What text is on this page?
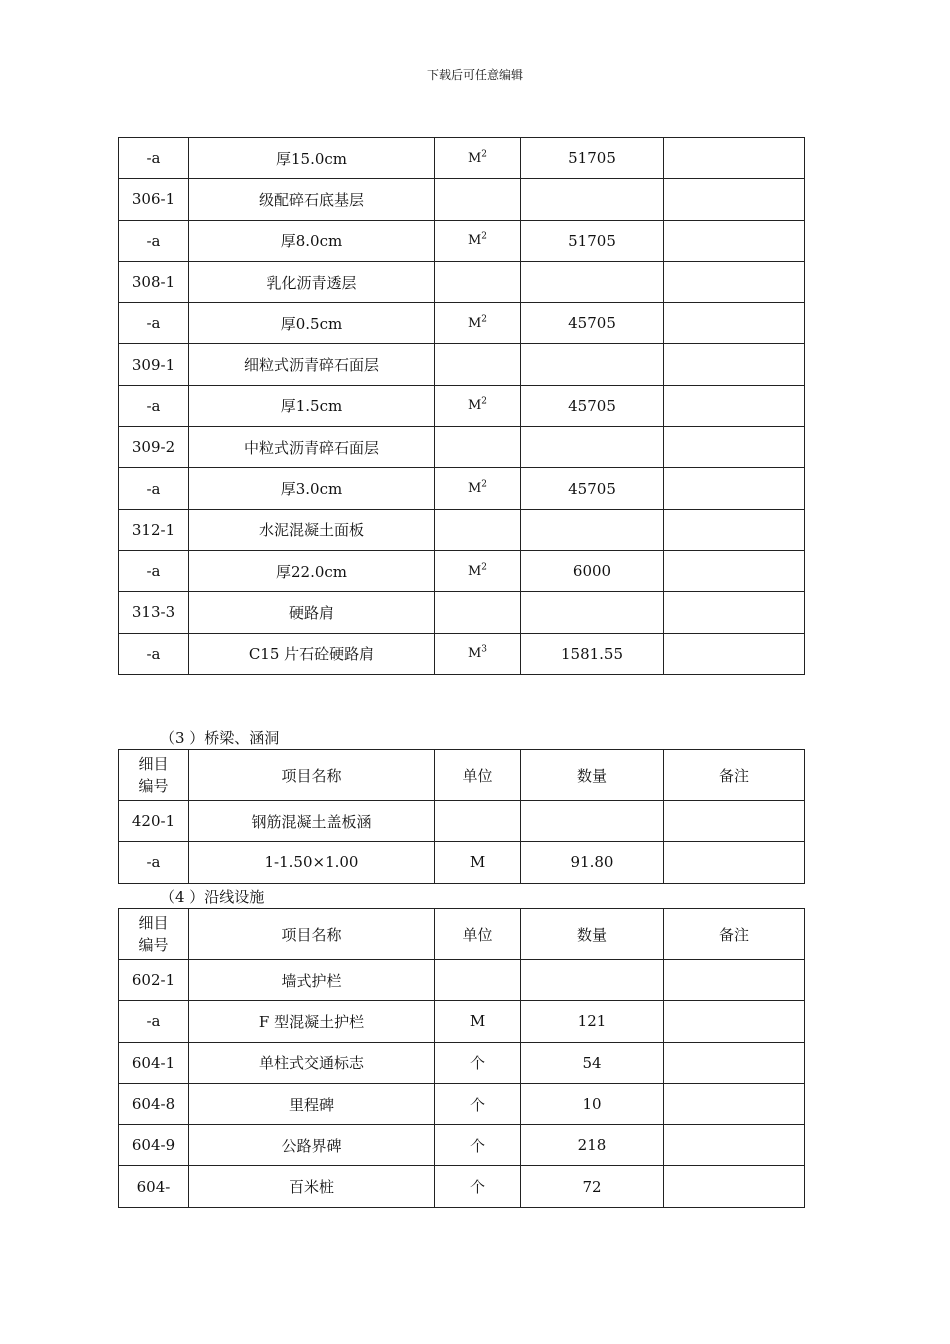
下载后可任意编辑
-a	厚15.0cm	$M^2$	51705	
306-1	级配碎石底基层			
-a	厚8.0cm	$M^2$	51705	
308-1	乳化沥青透层			
-a	厚0.5cm	$M^2$	45705	
309-1	细粒式沥青碎石面层			
-a	厚1.5cm	$M^2$	45705	
309-2	中粒式沥青碎石面层			
-a	厚3.0cm	$M^2$	45705	
312-1	水泥混凝土面板			
-a	厚22.0cm	$M^2$	6000	
313-3	硬路肩			
-a	C15 片石砼硬路肩	$M^3$	1581.55	
（3 ）桥梁、涵洞
细目
编号	项目名称	单位	数量	备注
420-1	钢筋混凝土盖板涵			
-a	1-1.50×1.00	M	91.80	
（4 ）沿线设施
细目
编号	项目名称	单位	数量	备注
602-1	墙式护栏			
-a	F 型混凝土护栏	M	121	
604-1	单柱式交通标志	个	54	
604-8	里程碑	个	10	
604-9	公路界碑	个	218	
604-	百米桩	个	72	
